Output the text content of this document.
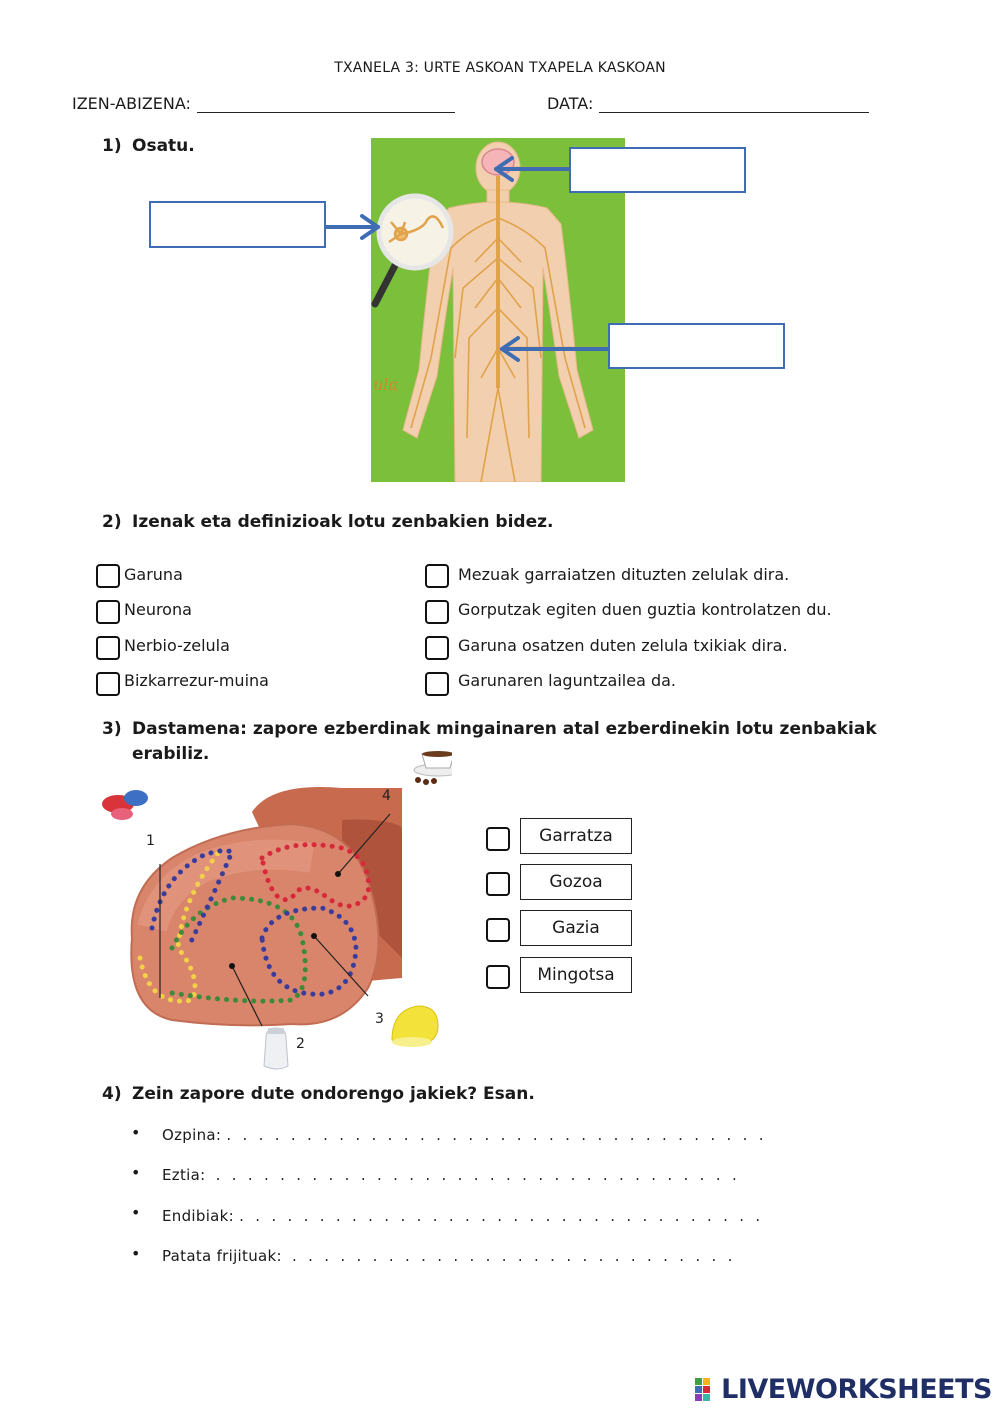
TXANELA 3: URTE ASKOAN TXAPELA KASKOAN
IZEN-ABIZENA:	DATA:
1) Osatu.
ula
2) Izenak eta definizioak lotu zenbakien bidez.
Garuna
Neurona
Nerbio-zelula
Bizkarrezur-muina
Mezuak garraiatzen dituzten zelulak dira.
Gorputzak egiten duen guztia kontrolatzen du.
Garuna osatzen duten zelula txikiak dira.
Garunaren laguntzailea da.
3) Dastamena: zapore ezberdinak mingainaren atal ezberdinekin lotu zenbakiak
erabiliz.
1
2
3
4
Garratza
Gozoa
Gazia
Mingotsa
4) Zein zapore dute ondorengo jakiek? Esan.
• Ozpina: . . . . . . . . . . . . . . . . . . . . . . . . . . . . . . . . . .
• Eztia: . . . . . . . . . . . . . . . . . . . . . . . . . . . . . . . . .
• Endibiak: . . . . . . . . . . . . . . . . . . . . . . . . . . . . . . . . .
• Patata frijituak: . . . . . . . . . . . . . . . . . . . . . . . . . . . .
LIVEWORKSHEETS
